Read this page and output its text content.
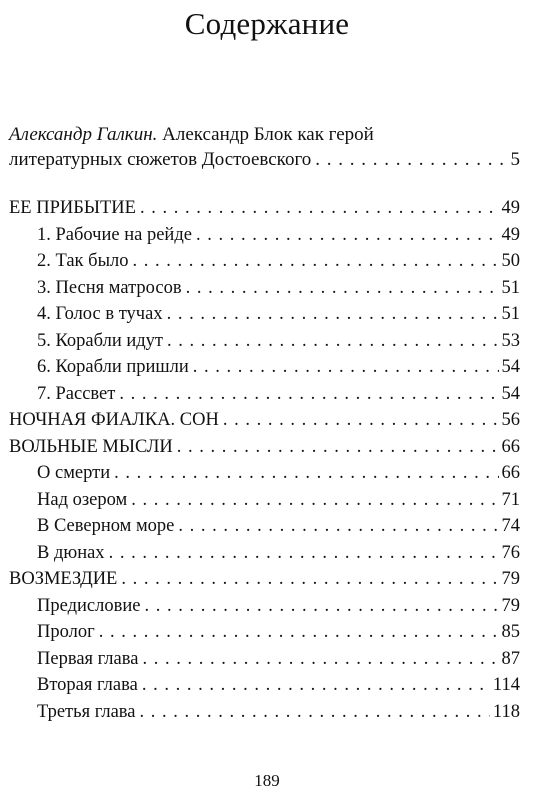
Содержание
Александр Галкин. Александр Блок как герой
литературных сюжетов Достоевского . . .	5
ЕЕ ПРИБЫТИЕ . . .	49
1. Рабочие на рейде . . .	49
2. Так было . . .	50
3. Песня матросов . . .	51
4. Голос в тучах . . .	51
5. Корабли идут . . .	53
6. Корабли пришли . . .	54
7. Рассвет . . .	54
НОЧНАЯ ФИАЛКА. СОН . . .	56
ВОЛЬНЫЕ МЫСЛИ . . .	66
О смерти . . .	66
Над озером . . .	71
В Северном море . . .	74
В дюнах . . .	76
ВОЗМЕЗДИЕ . . .	79
Предисловие . . .	79
Пролог . . .	85
Первая глава . . .	87
Вторая глава . . .	114
Третья глава . . .	118
189
